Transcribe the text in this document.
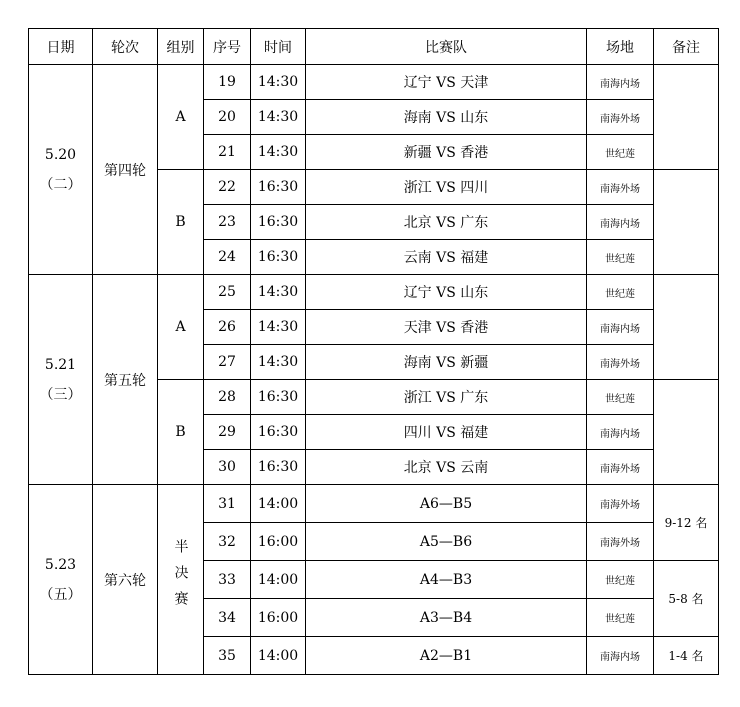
日期	轮次	组别	序号	时间	比赛队	场地	备注

5.20
（二）	第四轮	A	19	14:30	辽宁 VS 天津	南海内场	
			20	14:30	海南 VS 山东	南海外场	
			21	14:30	新疆 VS 香港	世纪莲	
		B	22	16:30	浙江 VS 四川	南海外场	
			23	16:30	北京 VS 广东	南海内场	
			24	16:30	云南 VS 福建	世纪莲	

5.21
（三）	第五轮	A	25	14:30	辽宁 VS 山东	世纪莲	
			26	14:30	天津 VS 香港	南海内场	
			27	14:30	海南 VS 新疆	南海外场	
		B	28	16:30	浙江 VS 广东	世纪莲	
			29	16:30	四川 VS 福建	南海内场	
			30	16:30	北京 VS 云南	南海外场	

5.23
（五）	第六轮	半决赛	31	14:00	A6—B5	南海外场	9-12 名
			32	16:00	A5—B6	南海外场	
			33	14:00	A4—B3	世纪莲	5-8 名
			34	16:00	A3—B4	世纪莲	
			35	14:00	A2—B1	南海内场	1-4 名
